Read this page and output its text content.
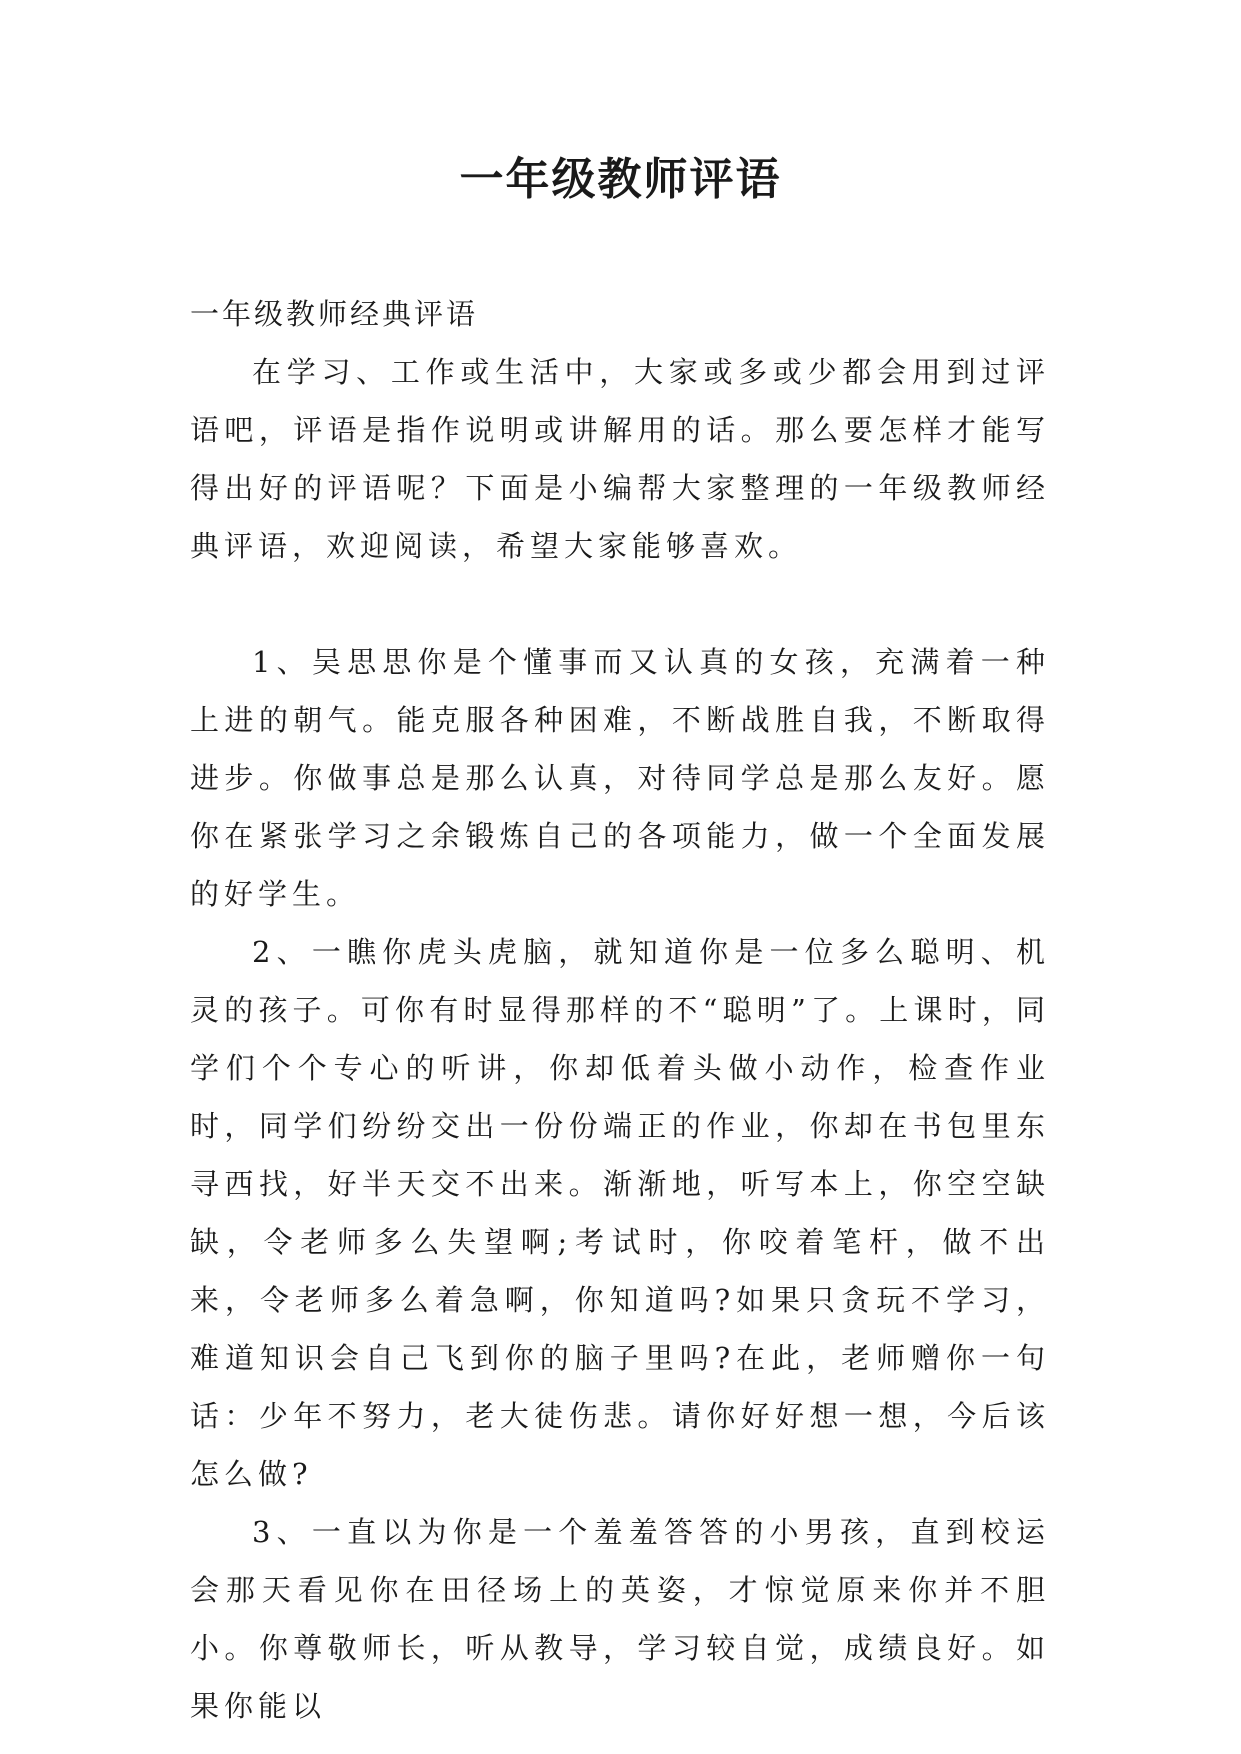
一年级教师评语

一年级教师经典评语

在学习、工作或生活中，大家或多或少都会用到过评语吧，评语是指作说明或讲解用的话。那么要怎样才能写得出好的评语呢？下面是小编帮大家整理的一年级教师经典评语，欢迎阅读，希望大家能够喜欢。

1、吴思思你是个懂事而又认真的女孩，充满着一种上进的朝气。能克服各种困难，不断战胜自我，不断取得进步。你做事总是那么认真，对待同学总是那么友好。愿你在紧张学习之余锻炼自己的各项能力，做一个全面发展的好学生。

2、一瞧你虎头虎脑，就知道你是一位多么聪明、机灵的孩子。可你有时显得那样的不“聪明”了。上课时，同学们个个专心的听讲，你却低着头做小动作，检查作业时，同学们纷纷交出一份份端正的作业，你却在书包里东寻西找，好半天交不出来。渐渐地，听写本上，你空空缺缺，令老师多么失望啊;考试时，你咬着笔杆，做不出来，令老师多么着急啊，你知道吗?如果只贪玩不学习，难道知识会自己飞到你的脑子里吗?在此，老师赠你一句话：少年不努力，老大徒伤悲。请你好好想一想，今后该怎么做?

3、一直以为你是一个羞羞答答的小男孩，直到校运会那天看见你在田径场上的英姿，才惊觉原来你并不胆小。你尊敬师长，听从教导，学习较自觉，成绩良好。如果你能以
